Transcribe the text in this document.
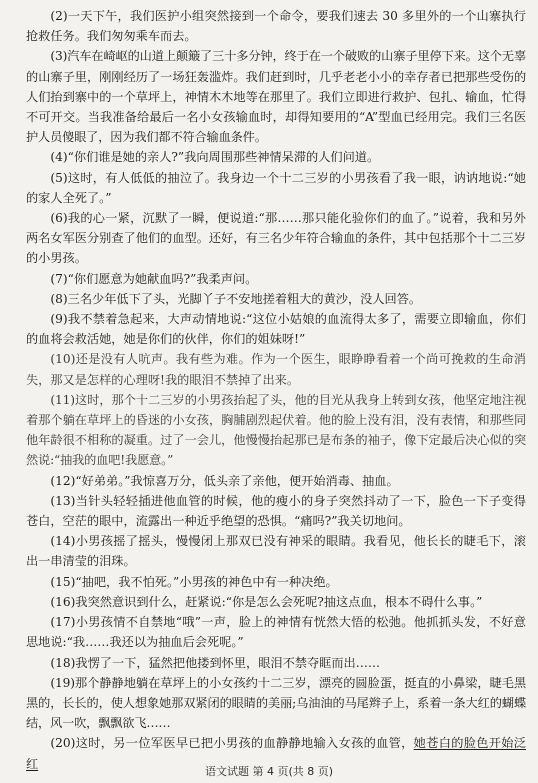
(2)一天下午，我们医护小组突然接到一个命令，要我们速去 30 多里外的一个山寨执行抢救任务。我们匆匆乘车而去。

(3)汽车在崎岖的山道上颠簸了三十多分钟，终于在一个破败的山寨子里停下来。这个无辜的山寨子里，刚刚经历了一场狂轰滥炸。我们赶到时，几乎老老小小的幸存者已把那些受伤的人们抬到寨中的一个草坪上，神情木木地等在那里了。我们立即进行救护、包扎、输血，忙得不可开交。当我准备给最后一名小女孩输血时，却得知要用的“A”型血已经用完。我们三名医护人员傻眼了，因为我们都不符合输血条件。

(4)“你们谁是她的亲人?”我向周围那些神情呆滞的人们问道。

(5)这时，有人低低的抽泣了。我身边一个十二三岁的小男孩看了我一眼，讷讷地说:“她的家人全死了。”

(6)我的心一紧，沉默了一瞬，便说道:“那……那只能化验你们的血了。”说着，我和另外两名女军医分别查了他们的血型。还好，有三名少年符合输血的条件，其中包括那个十二三岁的小男孩。

(7)“你们愿意为她献血吗?”我柔声问。

(8)三名少年低下了头，光脚丫子不安地搓着粗大的黄沙，没人回答。

(9)我不禁着急起来，大声动情地说:“这位小姑娘的血流得太多了，需要立即输血，你们的血将会救活她，她是你们的伙伴，你们的姐妹呀!”

(10)还是没有人吭声。我有些为难。作为一个医生，眼睁睁看着一个尚可挽救的生命消失，那又是怎样的心理呀!我的眼泪不禁掉了出来。

(11)这时，那个十二三岁的小男孩抬起了头，他的目光从我身上转到女孩，他坚定地注视着那个躺在草坪上的昏迷的小女孩，胸脯剧烈起伏着。他的脸上没有泪，没有表情，和那些同他年龄很不相称的凝重。过了一会儿，他慢慢抬起那已是布条的袖子，像下定最后决心似的突然说:“抽我的血吧!我愿意。”

(12)“好弟弟。”我惊喜万分，低头亲了亲他，便开始消毒、抽血。

(13)当针头轻轻插进他血管的时候，他的瘦小的身子突然抖动了一下，脸色一下子变得苍白，空茫的眼中，流露出一种近乎绝望的恐惧。“痛吗?”我关切地问。

(14)小男孩摇了摇头，慢慢闭上那双已没有神采的眼睛。我看见，他长长的睫毛下，滚出一串清莹的泪珠。

(15)“抽吧，我不怕死。”小男孩的神色中有一种决绝。

(16)我突然意识到什么，赶紧说:“你是怎么会死呢?抽这点血，根本不碍什么事。”

(17)小男孩情不自禁地“哦”一声，脸上的神情有恍然大悟的松弛。他抓抓头发，不好意思地说:“我……我还以为抽血后会死呢。”

(18)我愣了一下，猛然把他搂到怀里，眼泪不禁夺眶而出……

(19)那个静静地躺在草坪上的小女孩约十二三岁，漂亮的圆脸蛋，挺直的小鼻梁，睫毛黑黑的，长长的，使人想象她那双紧闭的眼睛的美丽;乌油油的马尾辫子上，系着一条大红的蝴蝶结，风一吹，飘飘欲飞……

(20)这时，另一位军医早已把小男孩的血静静地输入女孩的血管，她苍白的脸色开始泛红

语文试题 第 4 页(共 8 页)
